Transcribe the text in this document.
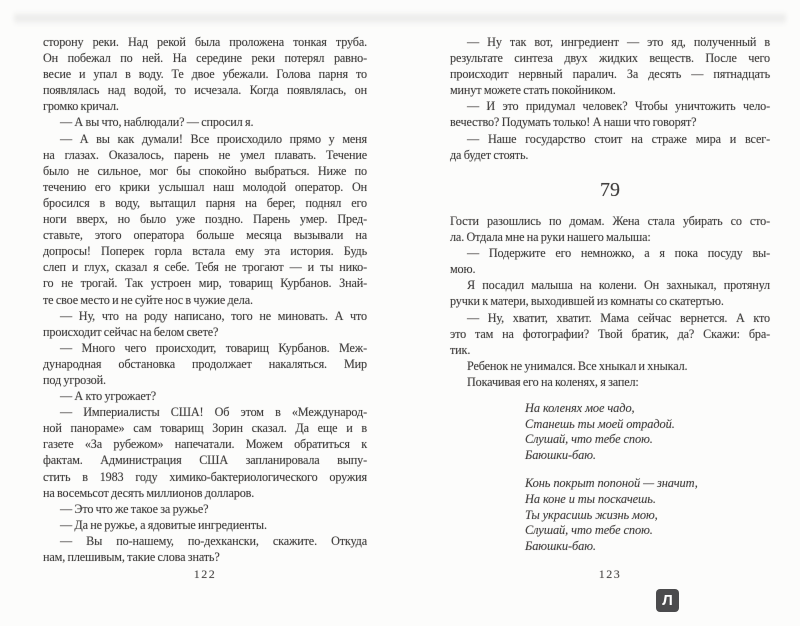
сторону реки. Над рекой была проложена тонкая труба.
Он побежал по ней. На середине реки потерял равно-
весие и упал в воду. Те двое убежали. Голова парня то
появлялась над водой, то исчезала. Когда появлялась, он
громко кричал.
— А вы что, наблюдали? — спросил я.
— А вы как думали! Все происходило прямо у меня
на глазах. Оказалось, парень не умел плавать. Течение
было не сильное, мог бы спокойно выбраться. Ниже по
течению его крики услышал наш молодой оператор. Он
бросился в воду, вытащил парня на берег, поднял его
ноги вверх, но было уже поздно. Парень умер. Пред-
ставьте, этого оператора больше месяца вызывали на
допросы! Поперек горла встала ему эта история. Будь
слеп и глух, сказал я себе. Тебя не трогают — и ты нико-
го не трогай. Так устроен мир, товарищ Курбанов. Знай-
те свое место и не суйте нос в чужие дела.
— Ну, что на роду написано, того не миновать. А что
происходит сейчас на белом свете?
— Много чего происходит, товарищ Курбанов. Меж-
дународная обстановка продолжает накаляться. Мир
под угрозой.
— А кто угрожает?
— Империалисты США! Об этом в «Международ-
ной панораме» сам товарищ Зорин сказал. Да еще и в
газете «За рубежом» напечатали. Можем обратиться к
фактам. Администрация США запланировала выпу-
стить в 1983 году химико-бактериологического оружия
на восемьсот десять миллионов долларов.
— Это что же такое за ружье?
— Да не ружье, а ядовитые ингредиенты.
— Вы по-нашему, по-дехкански, скажите. Откуда
нам, плешивым, такие слова знать?
122
— Ну так вот, ингредиент — это яд, полученный в
результате синтеза двух жидких веществ. После чего
происходит нервный паралич. За десять — пятнадцать
минут можете стать покойником.
— И это придумал человек? Чтобы уничтожить чело-
вечество? Подумать только! А наши что говорят?
— Наше государство стоит на страже мира и всег-
да будет стоять.
79
Гости разошлись по домам. Жена стала убирать со сто-
ла. Отдала мне на руки нашего малыша:
— Подержите его немножко, а я пока посуду вы-
мою.
Я посадил малыша на колени. Он захныкал, протянул
ручки к матери, выходившей из комнаты со скатертью.
— Ну, хватит, хватит. Мама сейчас вернется. А кто
это там на фотографии? Твой братик, да? Скажи: бра-
тик.
Ребенок не унимался. Все хныкал и хныкал.
Покачивая его на коленях, я запел:
На коленях мое чадо,
Станешь ты моей отрадой.
Слушай, что тебе спою.
Баюшки-баю.
Конь покрыт попоной — значит,
На коне и ты поскачешь.
Ты украсишь жизнь мою,
Слушай, что тебе спою.
Баюшки-баю.
123
Л
